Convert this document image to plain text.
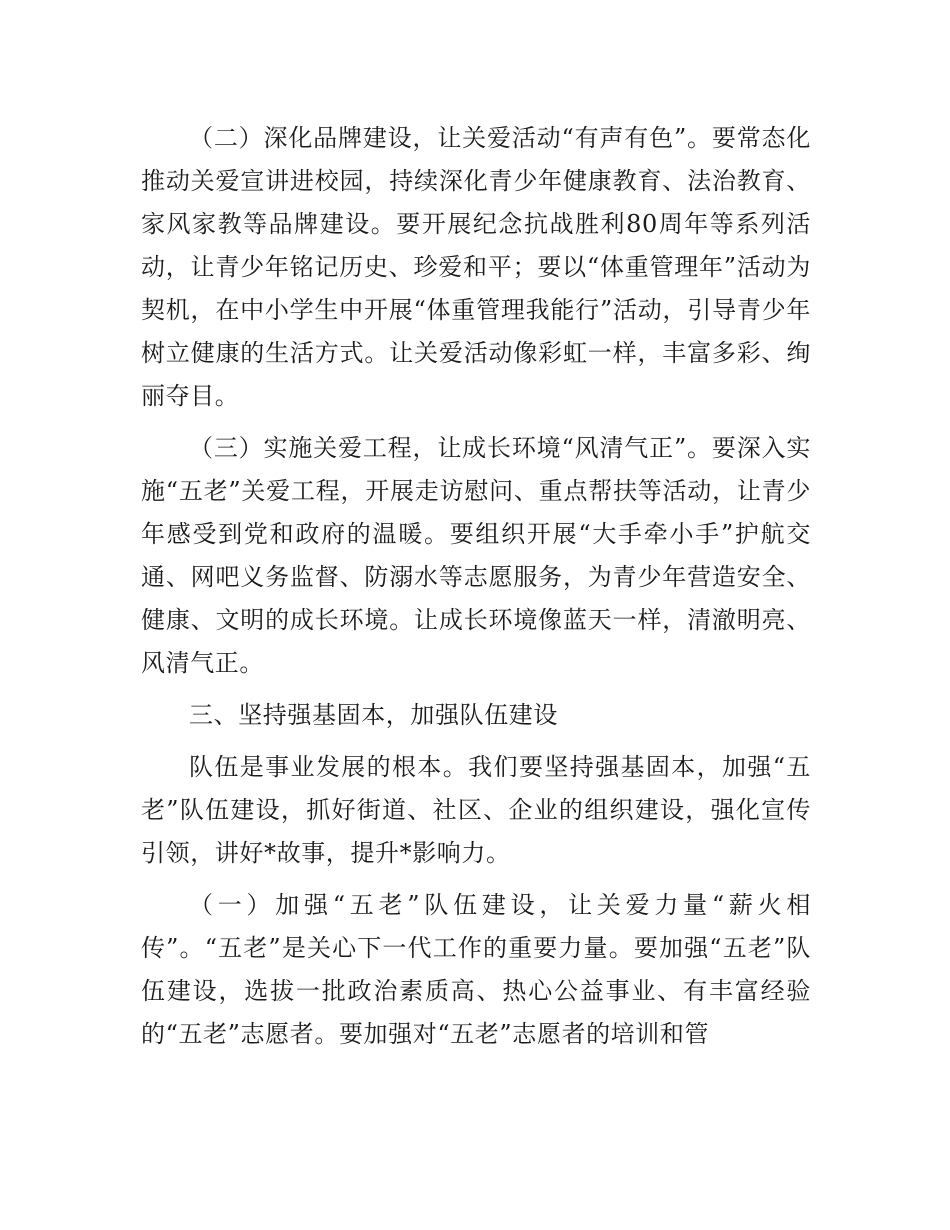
（二）深化品牌建设，让关爱活动“有声有色”。要常态化推动关爱宣讲进校园，持续深化青少年健康教育、法治教育、家风家教等品牌建设。要开展纪念抗战胜利80周年等系列活动，让青少年铭记历史、珍爱和平；要以“体重管理年”活动为契机，在中小学生中开展“体重管理我能行”活动，引导青少年树立健康的生活方式。让关爱活动像彩虹一样，丰富多彩、绚丽夺目。

（三）实施关爱工程，让成长环境“风清气正”。要深入实施“五老”关爱工程，开展走访慰问、重点帮扶等活动，让青少年感受到党和政府的温暖。要组织开展“大手牵小手”护航交通、网吧义务监督、防溺水等志愿服务，为青少年营造安全、健康、文明的成长环境。让成长环境像蓝天一样，清澈明亮、风清气正。

三、坚持强基固本，加强队伍建设

队伍是事业发展的根本。我们要坚持强基固本，加强“五老”队伍建设，抓好街道、社区、企业的组织建设，强化宣传引领，讲好*故事，提升*影响力。

（一）加强“五老”队伍建设，让关爱力量“薪火相传”。“五老”是关心下一代工作的重要力量。要加强“五老”队伍建设，选拔一批政治素质高、热心公益事业、有丰富经验的“五老”志愿者。要加强对“五老”志愿者的培训和管
